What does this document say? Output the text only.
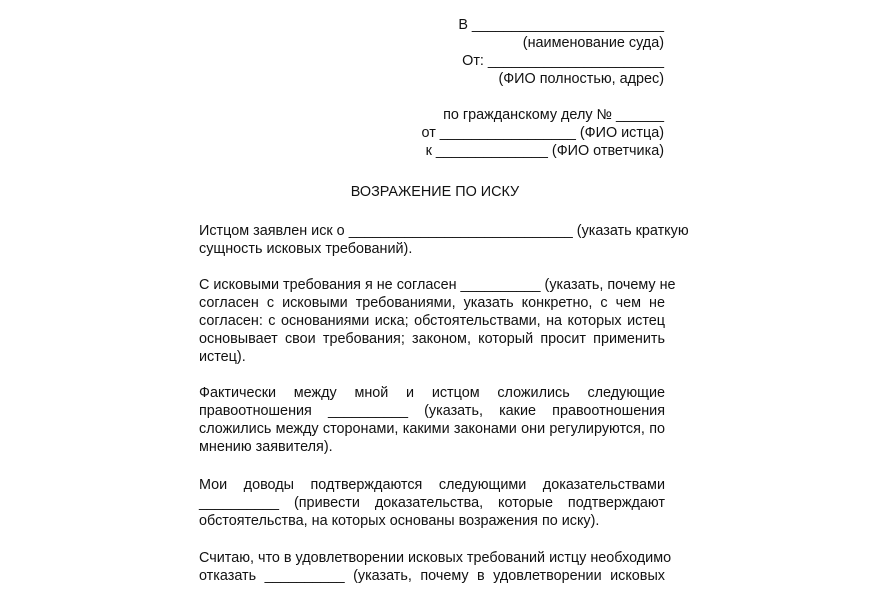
В ________________________
(наименование суда)
От: ______________________
(ФИО полностью, адрес)
по гражданскому делу № ______
от _________________ (ФИО истца)
к ______________ (ФИО ответчика)
ВОЗРАЖЕНИЕ ПО ИСКУ
Истцом заявлен иск о ____________________________ (указать краткую
сущность исковых требований).
С исковыми требования я не согласен __________ (указать, почему не
согласен с исковыми требованиями, указать конкретно, с чем не
согласен: с основаниями иска; обстоятельствами, на которых истец
основывает свои требования; законом, который просит применить
истец).
Фактически между мной и истцом сложились следующие
правоотношения __________ (указать, какие правоотношения
сложились между сторонами, какими законами они регулируются, по
мнению заявителя).
Мои доводы подтверждаются следующими доказательствами
__________ (привести доказательства, которые подтверждают
обстоятельства, на которых основаны возражения по иску).
Считаю, что в удовлетворении исковых требований истцу необходимо
отказать __________ (указать, почему в удовлетворении исковых
